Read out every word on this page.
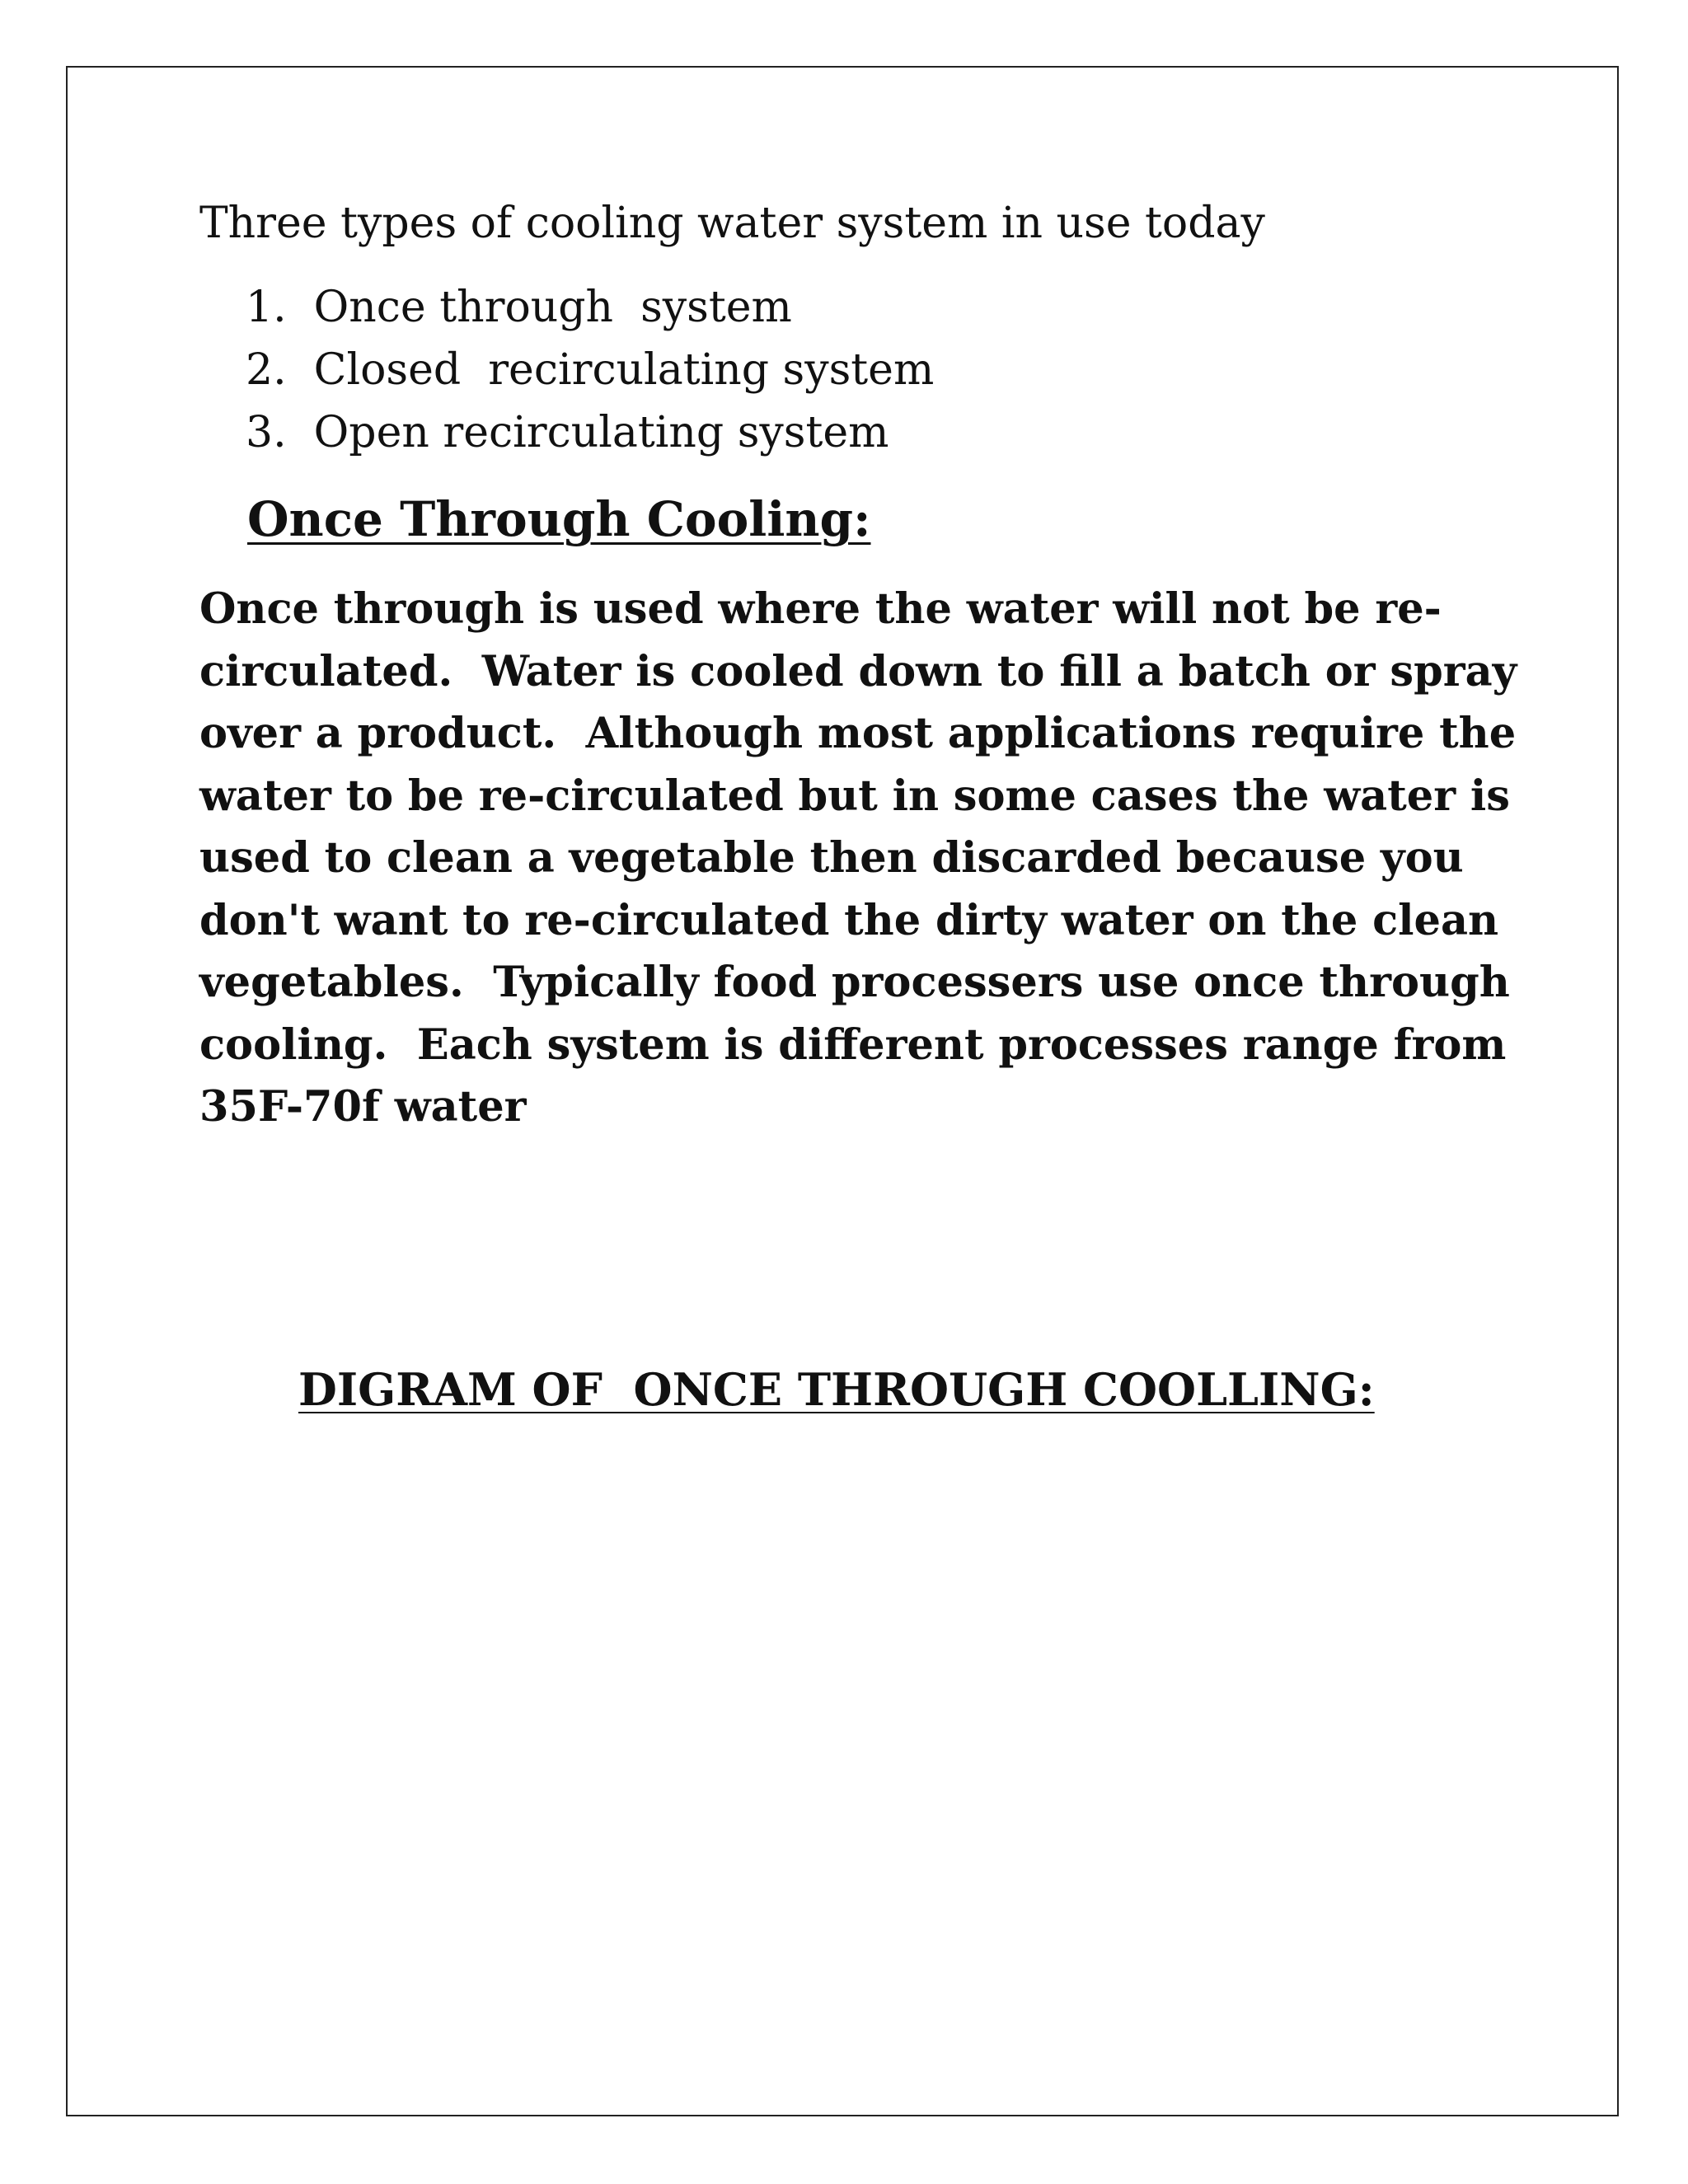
Three types of cooling water system in use today
1.  Once through  system
2.  Closed  recirculating system
3.  Open recirculating system
Once Through Cooling:
Once through is used where the water will not be re-
circulated.  Water is cooled down to fill a batch or spray
over a product.  Although most applications require the
water to be re-circulated but in some cases the water is
used to clean a vegetable then discarded because you
don't want to re-circulated the dirty water on the clean
vegetables.  Typically food processers use once through
cooling.  Each system is different processes range from
35F-70f water
DIGRAM OF  ONCE THROUGH COOLLING:
